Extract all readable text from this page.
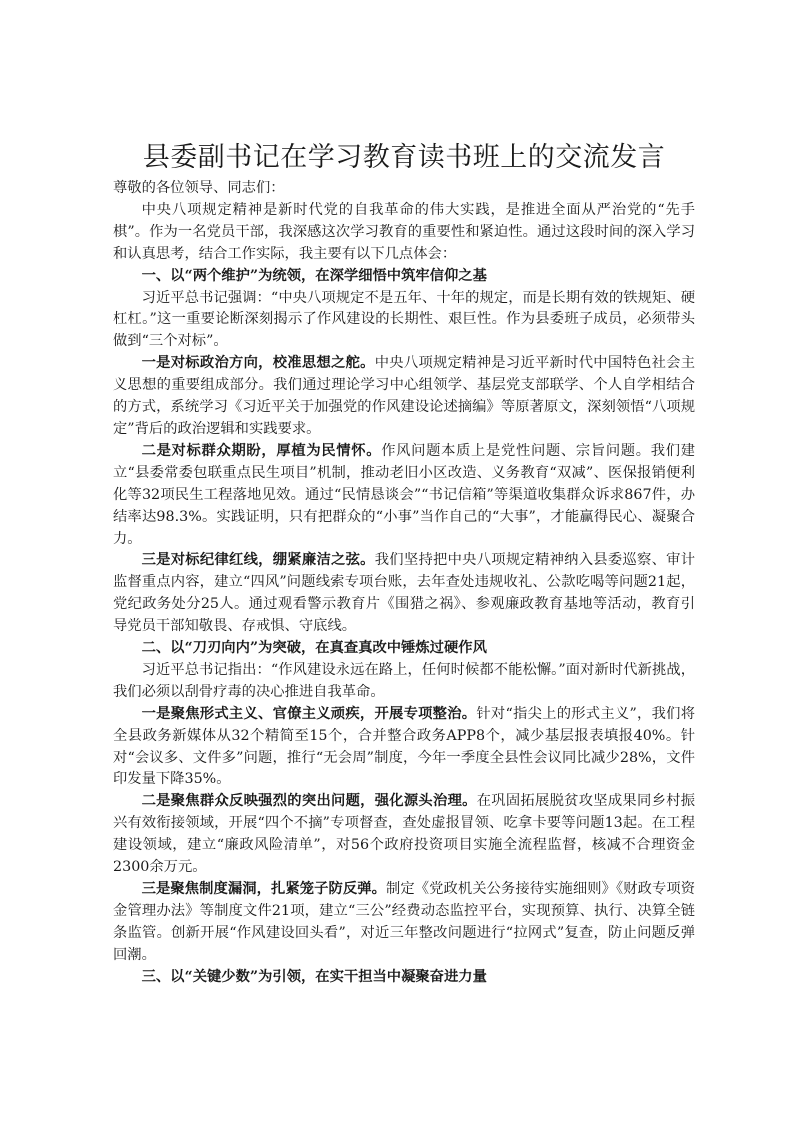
县委副书记在学习教育读书班上的交流发言

尊敬的各位领导、同志们：

中央八项规定精神是新时代党的自我革命的伟大实践，是推进全面从严治党的“先手棋”。作为一名党员干部，我深感这次学习教育的重要性和紧迫性。通过这段时间的深入学习和认真思考，结合工作实际，我主要有以下几点体会：

一、以“两个维护”为统领，在深学细悟中筑牢信仰之基

习近平总书记强调：“中央八项规定不是五年、十年的规定，而是长期有效的铁规矩、硬杠杠。”这一重要论断深刻揭示了作风建设的长期性、艰巨性。作为县委班子成员，必须带头做到“三个对标”。

一是对标政治方向，校准思想之舵。中央八项规定精神是习近平新时代中国特色社会主义思想的重要组成部分。我们通过理论学习中心组领学、基层党支部联学、个人自学相结合的方式，系统学习《习近平关于加强党的作风建设论述摘编》等原著原文，深刻领悟“八项规定”背后的政治逻辑和实践要求。

二是对标群众期盼，厚植为民情怀。作风问题本质上是党性问题、宗旨问题。我们建立“县委常委包联重点民生项目”机制，推动老旧小区改造、义务教育“双减”、医保报销便利化等32项民生工程落地见效。通过“民情恳谈会”“书记信箱”等渠道收集群众诉求867件，办结率达98.3%。实践证明，只有把群众的“小事”当作自己的“大事”，才能赢得民心、凝聚合力。

三是对标纪律红线，绷紧廉洁之弦。我们坚持把中央八项规定精神纳入县委巡察、审计监督重点内容，建立“四风”问题线索专项台账，去年查处违规收礼、公款吃喝等问题21起，党纪政务处分25人。通过观看警示教育片《围猎之祸》、参观廉政教育基地等活动，教育引导党员干部知敬畏、存戒惧、守底线。

二、以“刀刃向内”为突破，在真查真改中锤炼过硬作风

习近平总书记指出：“作风建设永远在路上，任何时候都不能松懈。”面对新时代新挑战，我们必须以刮骨疗毒的决心推进自我革命。

一是聚焦形式主义、官僚主义顽疾，开展专项整治。针对“指尖上的形式主义”，我们将全县政务新媒体从32个精简至15个，合并整合政务APP8个，减少基层报表填报40%。针对“会议多、文件多”问题，推行“无会周”制度，今年一季度全县性会议同比减少28%，文件印发量下降35%。

二是聚焦群众反映强烈的突出问题，强化源头治理。在巩固拓展脱贫攻坚成果同乡村振兴有效衔接领域，开展“四个不摘”专项督查，查处虚报冒领、吃拿卡要等问题13起。在工程建设领域，建立“廉政风险清单”，对56个政府投资项目实施全流程监督，核减不合理资金2300余万元。

三是聚焦制度漏洞，扎紧笼子防反弹。制定《党政机关公务接待实施细则》《财政专项资金管理办法》等制度文件21项，建立“三公”经费动态监控平台，实现预算、执行、决算全链条监管。创新开展“作风建设回头看”，对近三年整改问题进行“拉网式”复查，防止问题反弹回潮。

三、以“关键少数”为引领，在实干担当中凝聚奋进力量
